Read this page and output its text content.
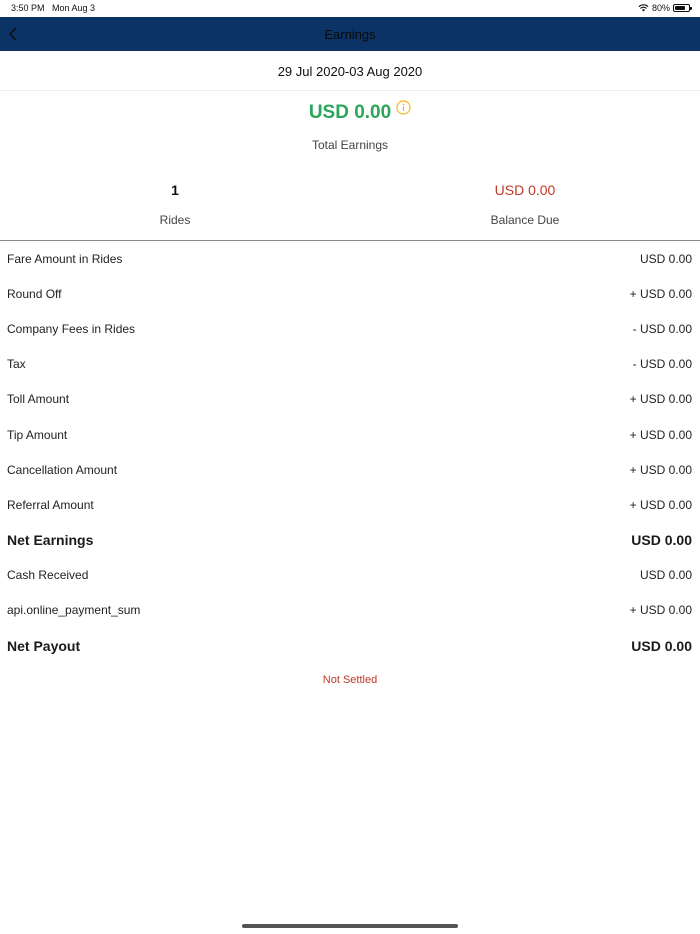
3:50 PM Mon Aug 3	80%
Earnings
29 Jul 2020-03 Aug 2020
USD 0.00
Total Earnings
1
Rides
USD 0.00
Balance Due
Fare Amount in Rides	USD 0.00
Round Off	+ USD 0.00
Company Fees in Rides	- USD 0.00
Tax	- USD 0.00
Toll Amount	+ USD 0.00
Tip Amount	+ USD 0.00
Cancellation Amount	+ USD 0.00
Referral Amount	+ USD 0.00
Net Earnings	USD 0.00
Cash Received	USD 0.00
api.online_payment_sum	+ USD 0.00
Net Payout	USD 0.00
Not Settled
